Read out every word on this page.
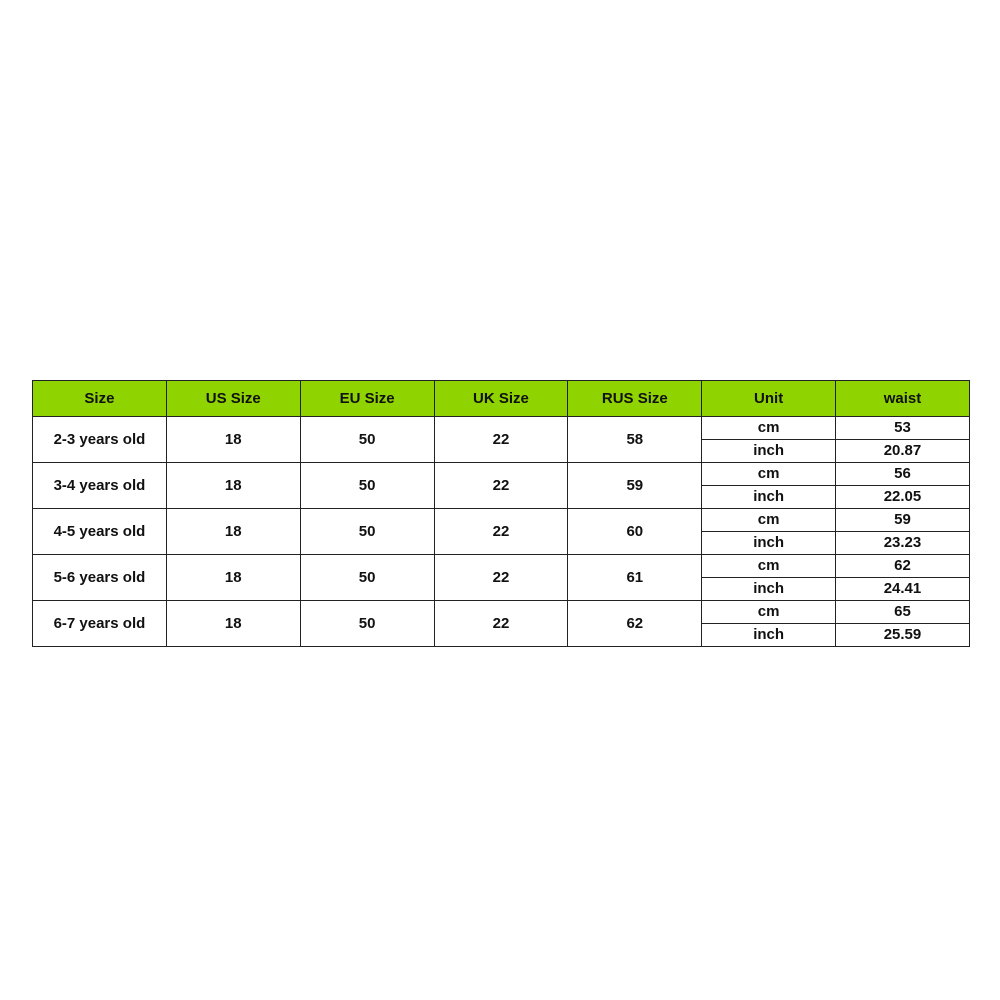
Size	US Size	EU Size	UK Size	RUS Size	Unit	waist
2-3 years old	18	50	22	58	cm	53
					inch	20.87
3-4 years old	18	50	22	59	cm	56
					inch	22.05
4-5 years old	18	50	22	60	cm	59
					inch	23.23
5-6 years old	18	50	22	61	cm	62
					inch	24.41
6-7 years old	18	50	22	62	cm	65
					inch	25.59
